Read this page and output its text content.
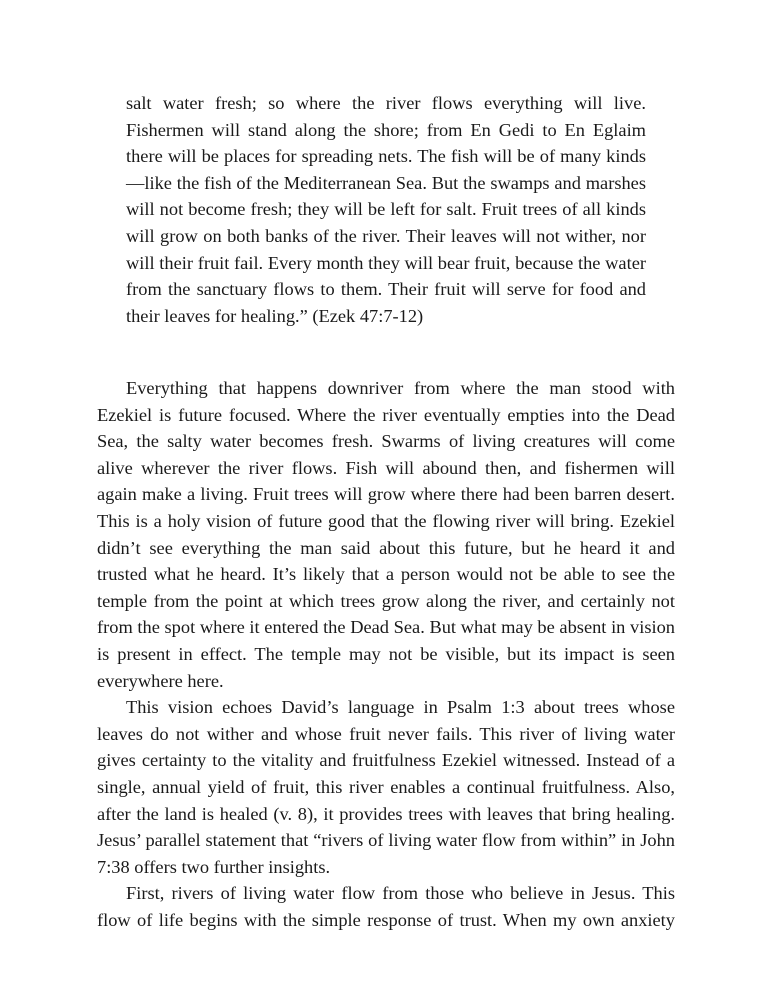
salt water fresh; so where the river flows everything will live. Fishermen will stand along the shore; from En Gedi to En Eglaim there will be places for spreading nets. The fish will be of many kinds—like the fish of the Mediterranean Sea. But the swamps and marshes will not become fresh; they will be left for salt. Fruit trees of all kinds will grow on both banks of the river. Their leaves will not wither, nor will their fruit fail. Every month they will bear fruit, because the water from the sanctuary flows to them. Their fruit will serve for food and their leaves for healing.” (Ezek 47:7-12)

Everything that happens downriver from where the man stood with Ezekiel is future focused. Where the river eventually empties into the Dead Sea, the salty water becomes fresh. Swarms of living creatures will come alive wherever the river flows. Fish will abound then, and fishermen will again make a living. Fruit trees will grow where there had been barren desert. This is a holy vision of future good that the flowing river will bring. Ezekiel didn’t see everything the man said about this future, but he heard it and trusted what he heard. It’s likely that a person would not be able to see the temple from the point at which trees grow along the river, and certainly not from the spot where it entered the Dead Sea. But what may be absent in vision is present in effect. The temple may not be visible, but its impact is seen everywhere here.

This vision echoes David’s language in Psalm 1:3 about trees whose leaves do not wither and whose fruit never fails. This river of living water gives certainty to the vitality and fruitfulness Ezekiel witnessed. Instead of a single, annual yield of fruit, this river enables a continual fruitfulness. Also, after the land is healed (v. 8), it provides trees with leaves that bring healing. Jesus’ parallel statement that “rivers of living water flow from within” in John 7:38 offers two further insights.

First, rivers of living water flow from those who believe in Jesus. This flow of life begins with the simple response of trust. When my own anxiety
